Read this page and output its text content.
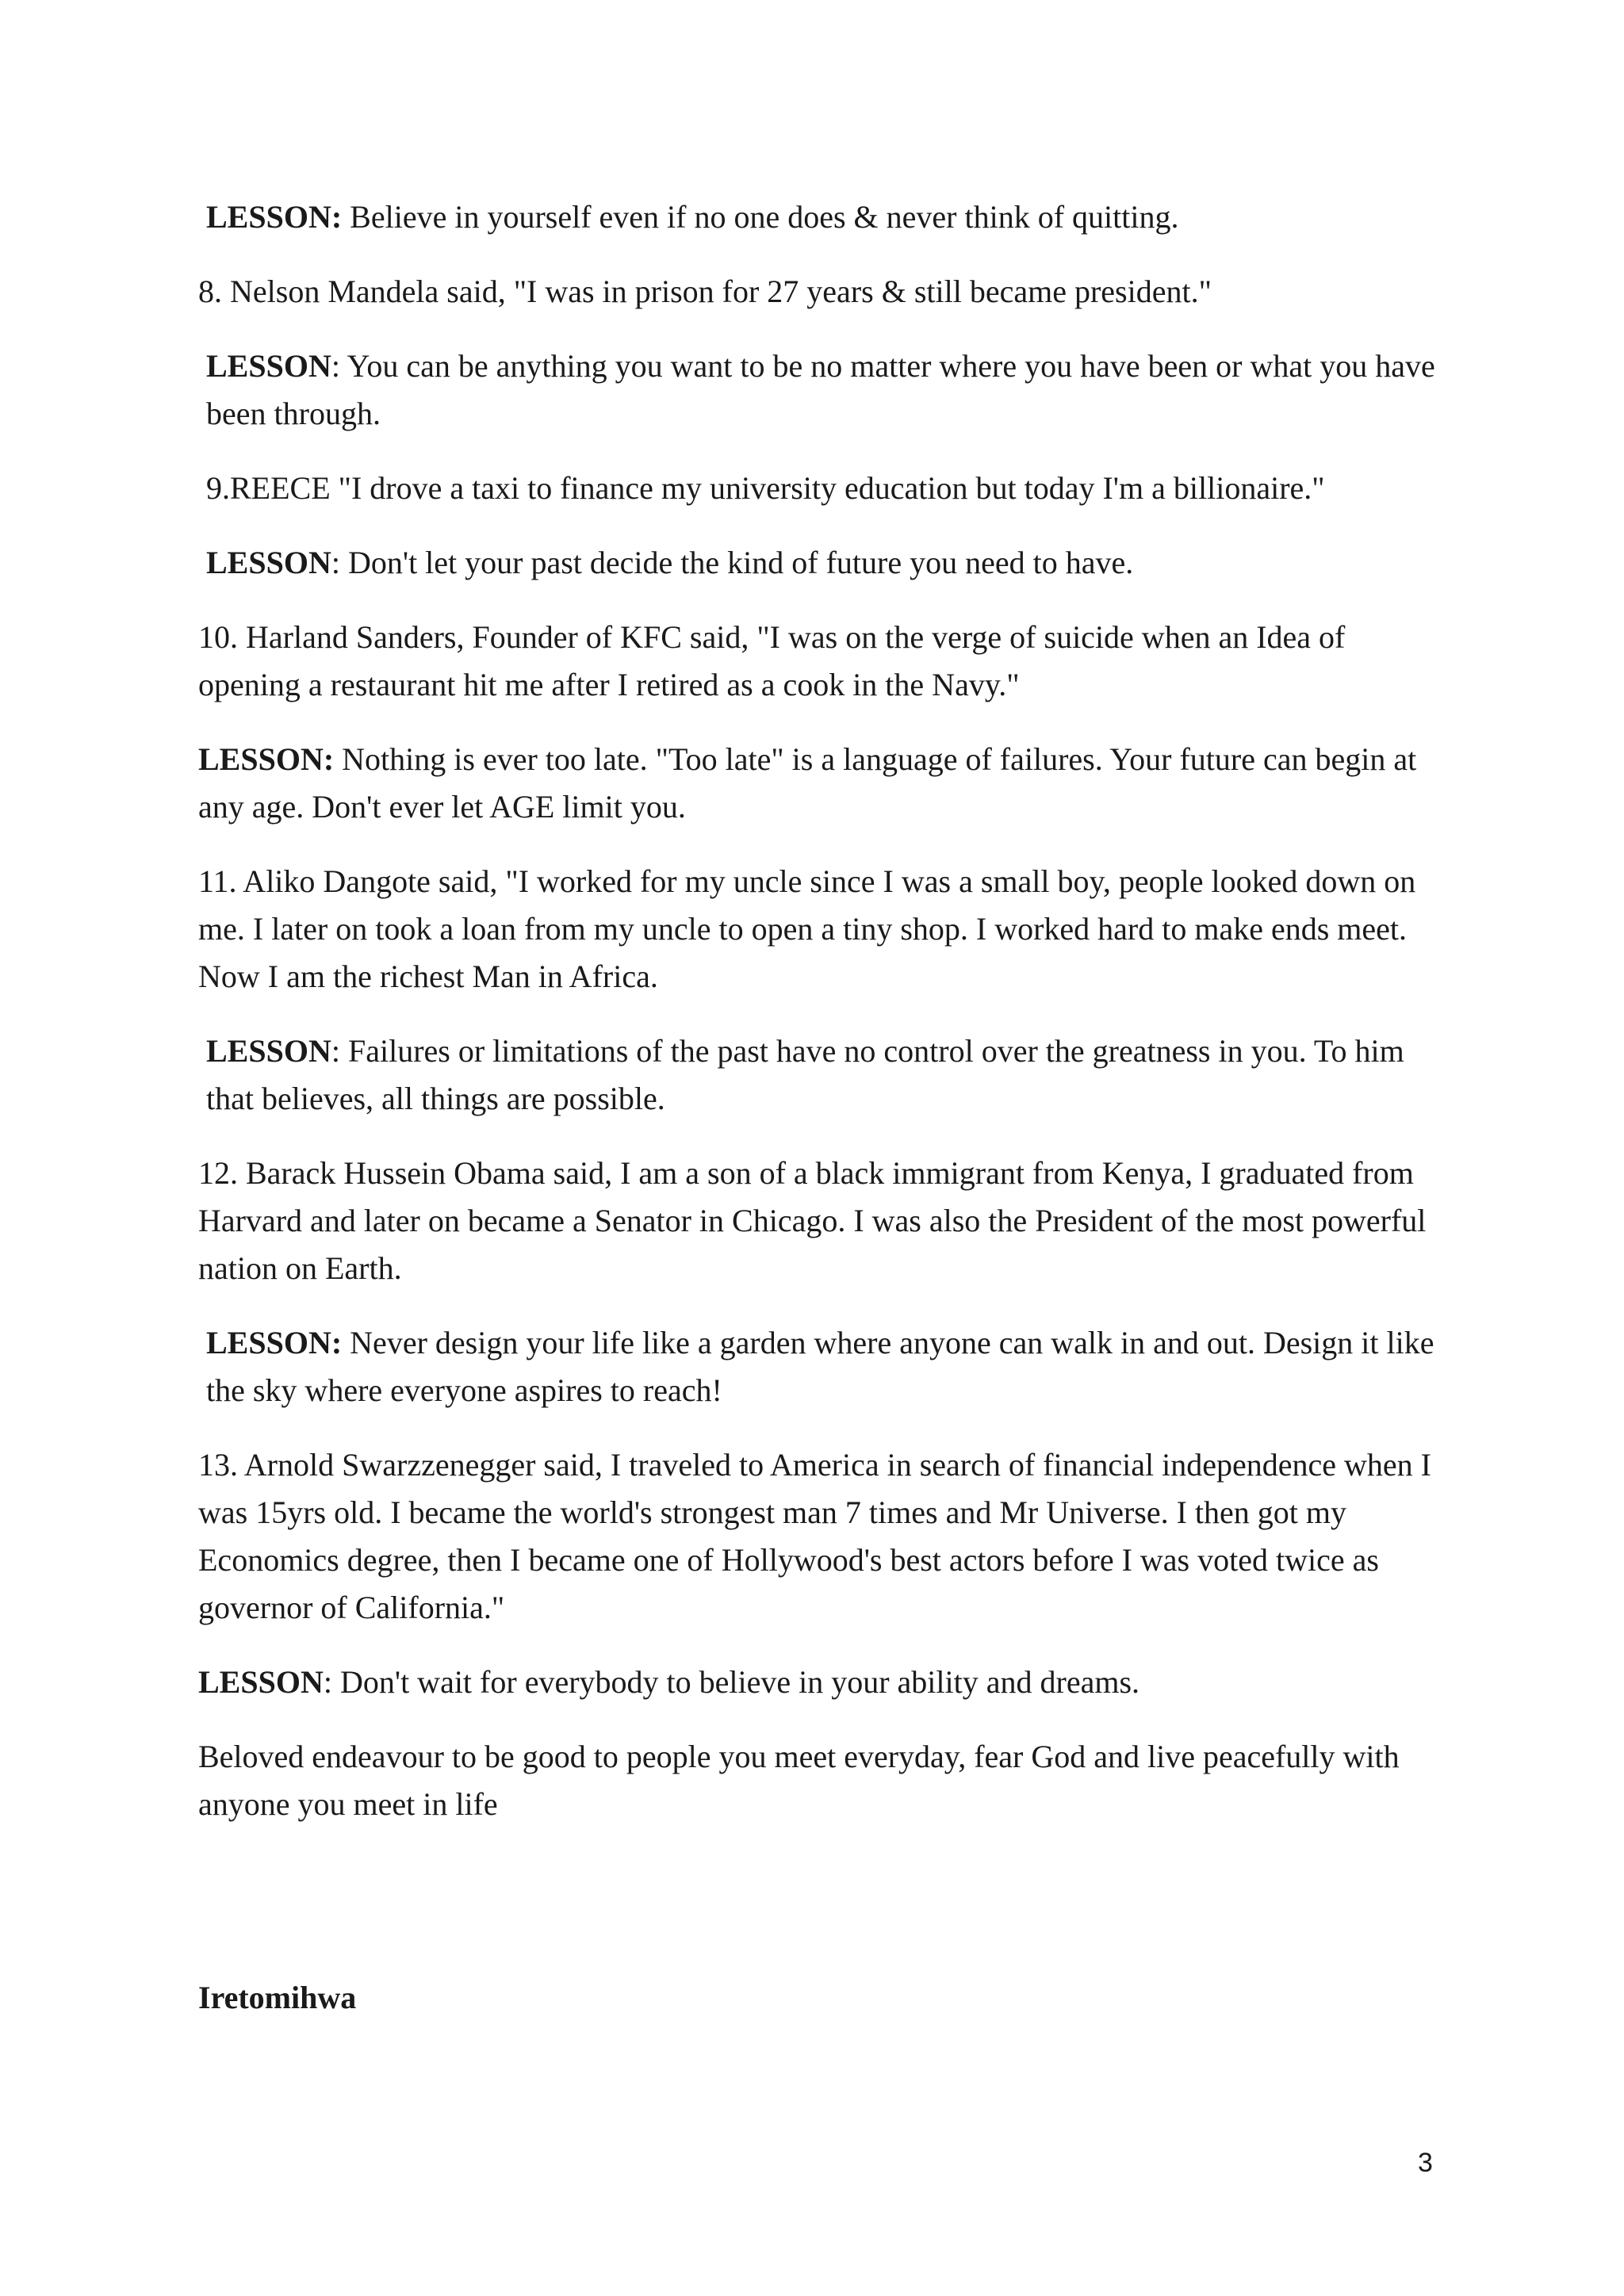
LESSON: Believe in yourself even if no one does & never think of quitting.

8. Nelson Mandela said, "I was in prison for 27 years & still became president."

LESSON: You can be anything you want to be no matter where you have been or what you have been through.

9.REECE "I drove a taxi to finance my university education but today I'm a billionaire."

LESSON: Don't let your past decide the kind of future you need to have.

10. Harland Sanders, Founder of KFC said, "I was on the verge of suicide when an Idea of opening a restaurant hit me after I retired as a cook in the Navy."

LESSON: Nothing is ever too late. "Too late" is a language of failures. Your future can begin at any age. Don't ever let AGE limit you.

11. Aliko Dangote said, "I worked for my uncle since I was a small boy, people looked down on me. I later on took a loan from my uncle to open a tiny shop. I worked hard to make ends meet. Now I am the richest Man in Africa.

LESSON: Failures or limitations of the past have no control over the greatness in you. To him that believes, all things are possible.

12. Barack Hussein Obama said, I am a son of a black immigrant from Kenya, I graduated from Harvard and later on became a Senator in Chicago. I was also the President of the most powerful nation on Earth.

LESSON: Never design your life like a garden where anyone can walk in and out. Design it like the sky where everyone aspires to reach!

13. Arnold Swarzzenegger said, I traveled to America in search of financial independence when I was 15yrs old. I became the world's strongest man 7 times and Mr Universe. I then got my Economics degree, then I became one of Hollywood's best actors before I was voted twice as governor of California."

LESSON: Don't wait for everybody to believe in your ability and dreams.

Beloved endeavour to be good to people you meet everyday, fear God and live peacefully with anyone you meet in life

Iretomihwa
3
